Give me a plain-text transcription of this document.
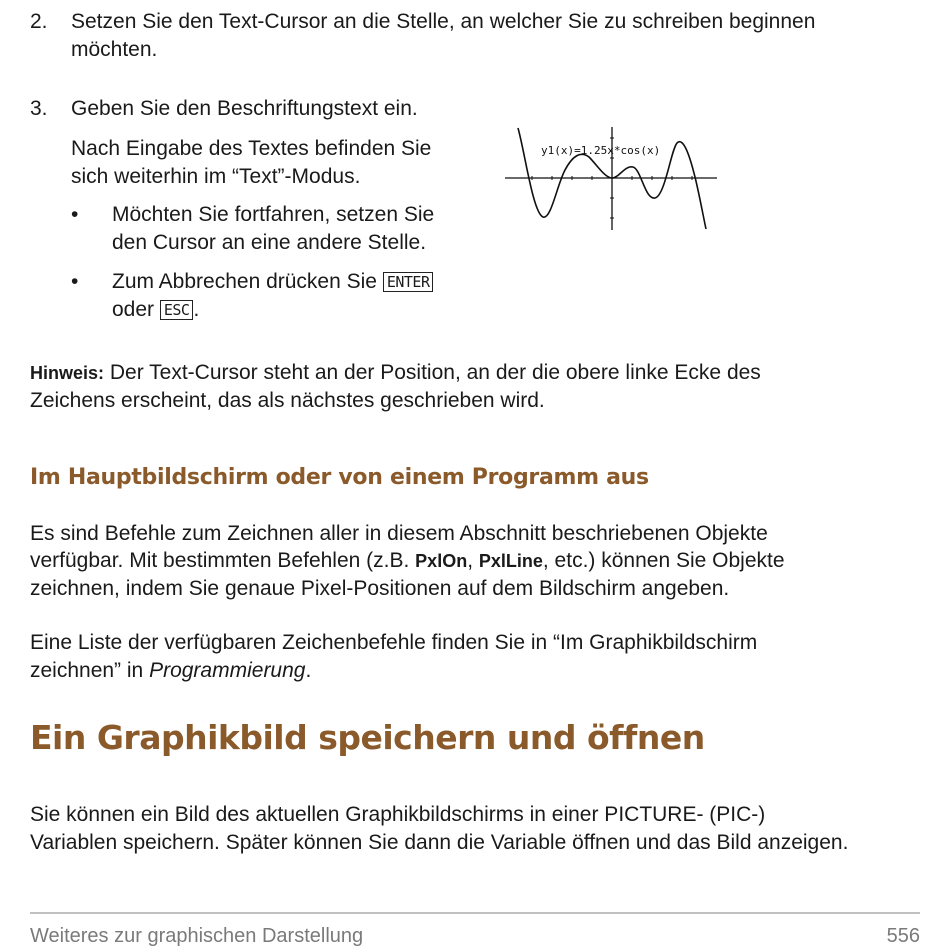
2.	Setzen Sie den Text-Cursor an die Stelle, an welcher Sie zu schreiben beginnen
möchten.
3.	Geben Sie den Beschriftungstext ein.
Nach Eingabe des Textes befinden Sie
sich weiterhin im “Text”-Modus.
•	Möchten Sie fortfahren, setzen Sie
den Cursor an eine andere Stelle.
•	Zum Abbrechen drücken Sie ENTER
oder ESC .
y1(x)=1.25x*cos(x)
Hinweis: Der Text-Cursor steht an der Position, an der die obere linke Ecke des
Zeichens erscheint, das als nächstes geschrieben wird.
Im Hauptbildschirm oder von einem Programm aus
Es sind Befehle zum Zeichnen aller in diesem Abschnitt beschriebenen Objekte
verfügbar. Mit bestimmten Befehlen (z.B. PxlOn, PxlLine, etc.) können Sie Objekte
zeichnen, indem Sie genaue Pixel-Positionen auf dem Bildschirm angeben.
Eine Liste der verfügbaren Zeichenbefehle finden Sie in “Im Graphikbildschirm
zeichnen” in Programmierung.
Ein Graphikbild speichern und öffnen
Sie können ein Bild des aktuellen Graphikbildschirms in einer PICTURE- (PIC-)
Variablen speichern. Später können Sie dann die Variable öffnen und das Bild anzeigen.
Weiteres zur graphischen Darstellung	556
